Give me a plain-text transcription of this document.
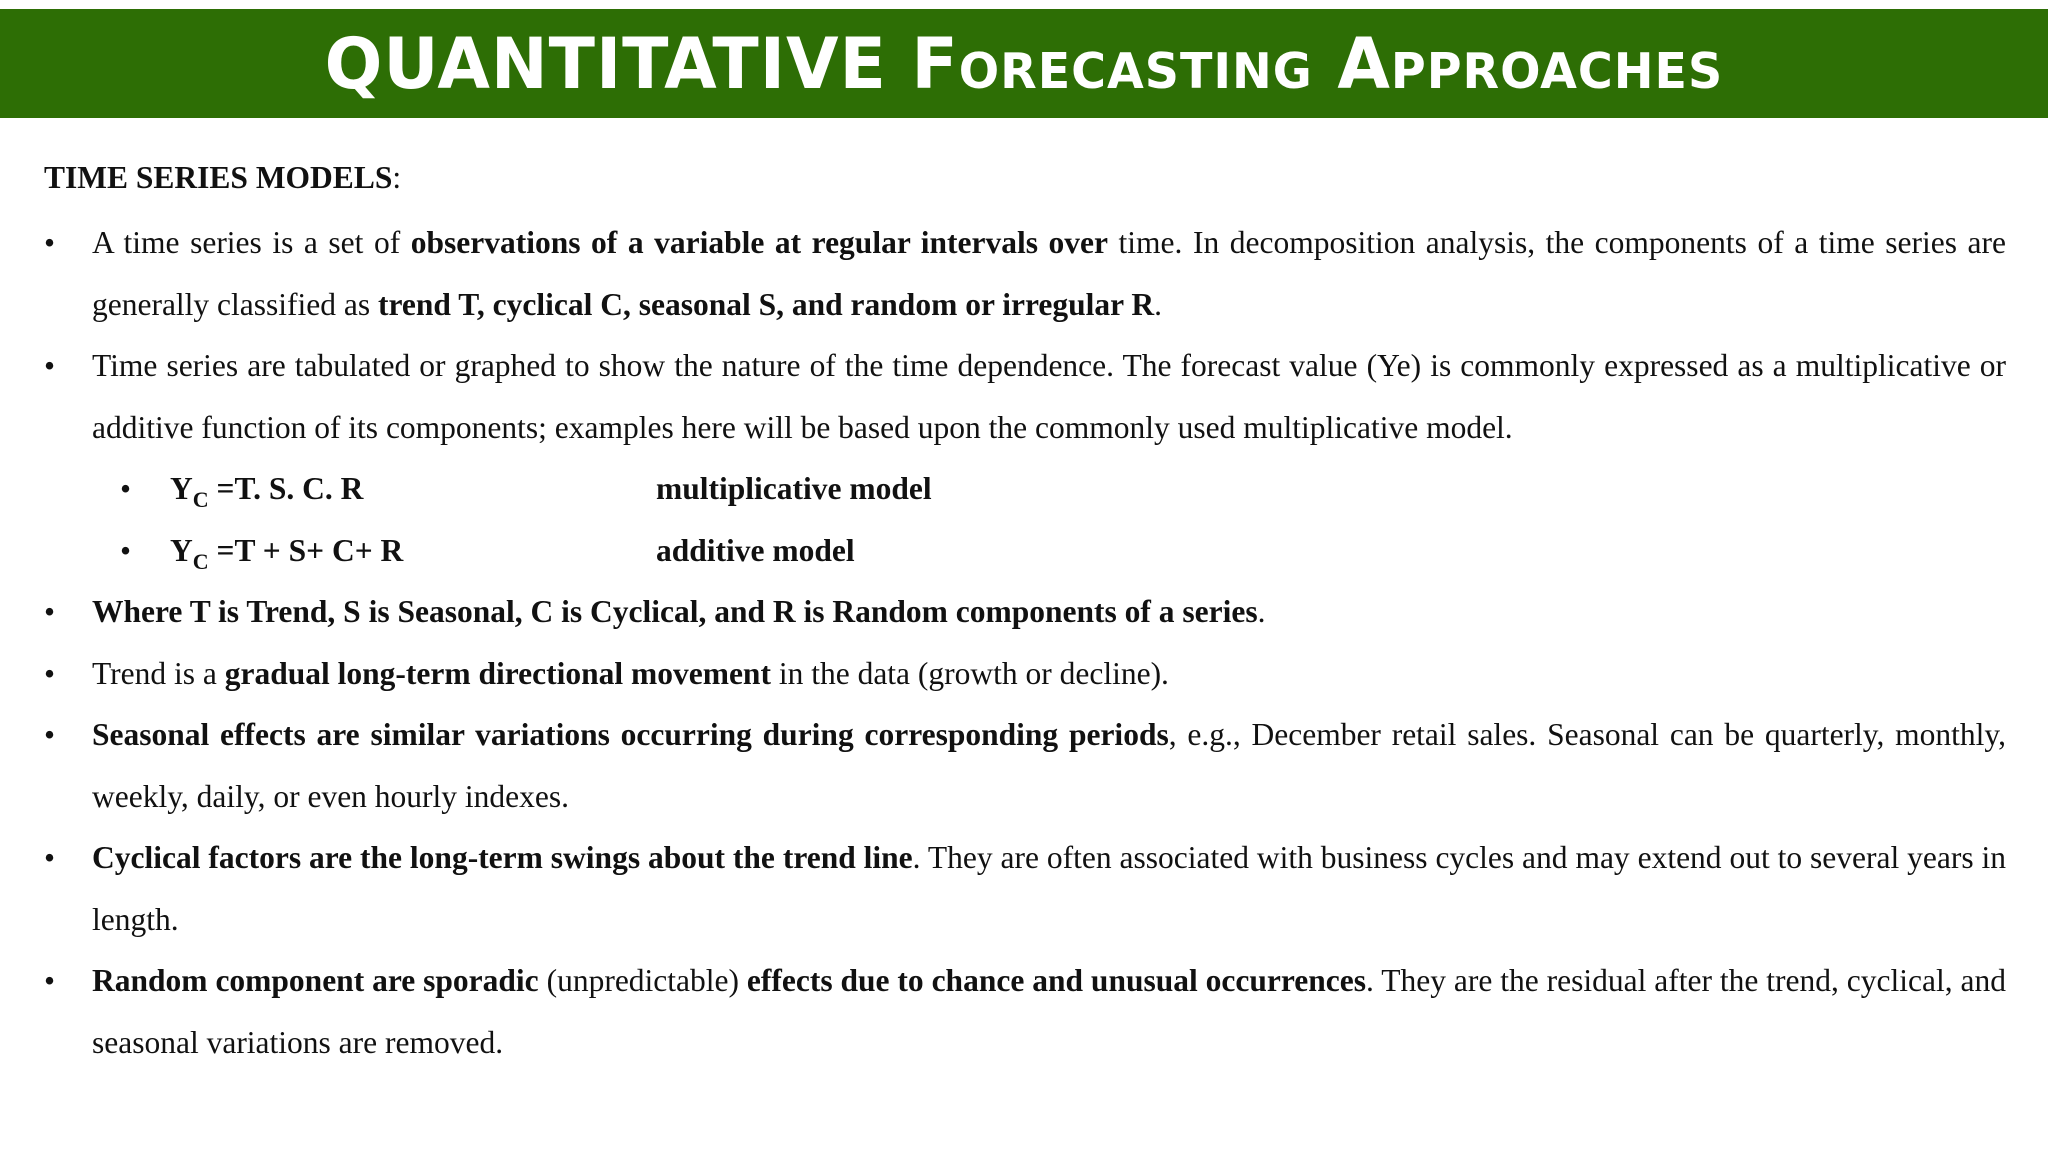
QUANTITATIVE Forecasting Approaches
TIME SERIES MODELS:
• A time series is a set of observations of a variable at regular intervals over time. In decomposition analysis, the components of a time series are generally classified as trend T, cyclical C, seasonal S, and random or irregular R.
• Time series are tabulated or graphed to show the nature of the time dependence. The forecast value (Ye) is commonly expressed as a multiplicative or additive function of its components; examples here will be based upon the commonly used multiplicative model.
• $Y_C =T$. S. C. R	multiplicative model
• $Y_C =T + S+ C+ R$	additive model
• Where T is Trend, S is Seasonal, C is Cyclical, and R is Random components of a series.
• Trend is a gradual long-term directional movement in the data (growth or decline).
• Seasonal effects are similar variations occurring during corresponding periods, e.g., December retail sales. Seasonal can be quarterly, monthly, weekly, daily, or even hourly indexes.
• Cyclical factors are the long-term swings about the trend line. They are often associated with business cycles and may extend out to several years in length.
• Random component are sporadic (unpredictable) effects due to chance and unusual occurrences. They are the residual after the trend, cyclical, and seasonal variations are removed.
